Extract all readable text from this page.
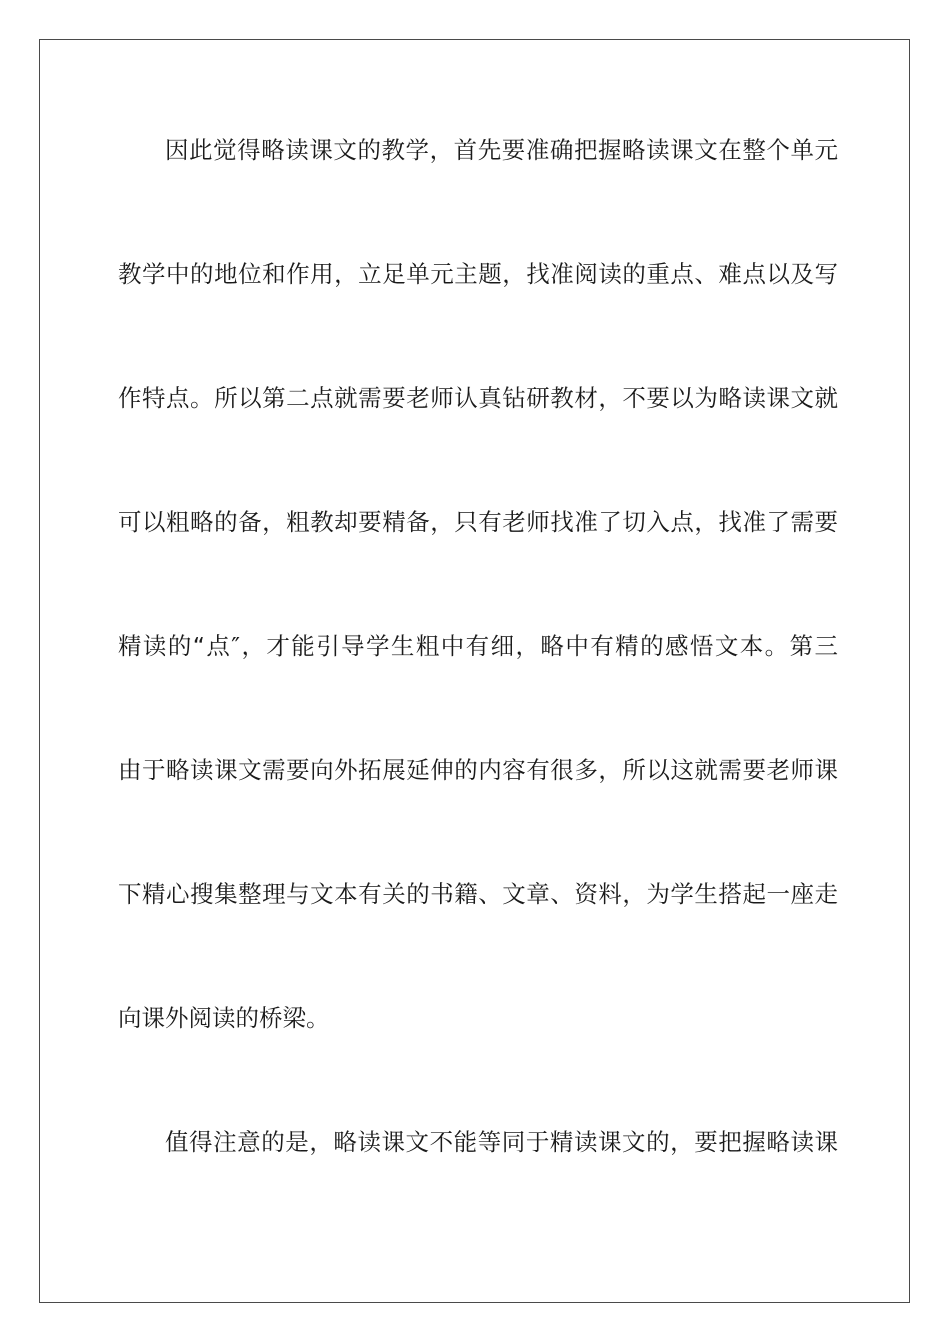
因此觉得略读课文的教学，首先要准确把握略读课文在整个单元
教学中的地位和作用，立足单元主题，找准阅读的重点、难点以及写
作特点。所以第二点就需要老师认真钻研教材，不要以为略读课文就
可以粗略的备，粗教却要精备，只有老师找准了切入点，找准了需要
精读的“点″，才能引导学生粗中有细，略中有精的感悟文本。第三
由于略读课文需要向外拓展延伸的内容有很多，所以这就需要老师课
下精心搜集整理与文本有关的书籍、文章、资料，为学生搭起一座走
向课外阅读的桥梁。
值得注意的是，略读课文不能等同于精读课文的，要把握略读课
